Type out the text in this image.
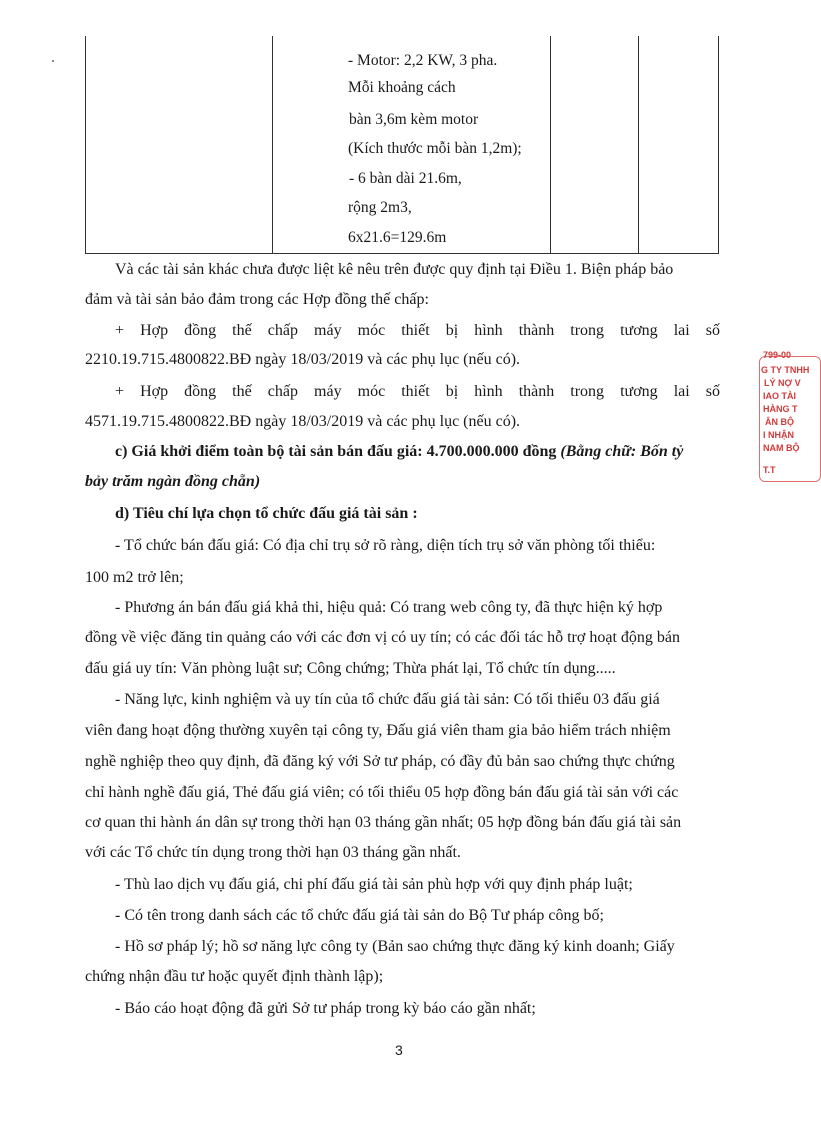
- Motor: 2,2 KW, 3 pha.
Mỗi khoảng cách
bàn 3,6m kèm motor
(Kích thước mỗi bàn 1,2m);
- 6 bàn dài 21.6m,
rộng 2m3,
6x21.6=129.6m
Và các tài sản khác chưa được liệt kê nêu trên được quy định tại Điều 1. Biện pháp bảo
đảm và tài sản bảo đảm trong các Hợp đồng thế chấp:
+ Hợp đồng thế chấp máy móc thiết bị hình thành trong tương lai số
2210.19.715.4800822.BĐ ngày 18/03/2019 và các phụ lục (nếu có).
+ Hợp đồng thế chấp máy móc thiết bị hình thành trong tương lai số
4571.19.715.4800822.BĐ ngày 18/03/2019 và các phụ lục (nếu có).
c) Giá khởi điểm toàn bộ tài sản bán đấu giá: 4.700.000.000 đồng (Bằng chữ: Bốn tỷ
bảy trăm ngàn đồng chẵn)
d) Tiêu chí lựa chọn tổ chức đấu giá tài sản :
- Tổ chức bán đấu giá: Có địa chỉ trụ sở rõ ràng, diện tích trụ sở văn phòng tối thiểu:
100 m2 trở lên;
- Phương án bán đấu giá khả thi, hiệu quả: Có trang web công ty, đã thực hiện ký hợp
đồng về việc đăng tin quảng cáo với các đơn vị có uy tín; có các đối tác hỗ trợ hoạt động bán
đấu giá uy tín: Văn phòng luật sư; Công chứng; Thừa phát lại, Tổ chức tín dụng.....
- Năng lực, kinh nghiệm và uy tín của tổ chức đấu giá tài sản: Có tối thiểu 03 đấu giá
viên đang hoạt động thường xuyên tại công ty, Đấu giá viên tham gia bảo hiểm trách nhiệm
nghề nghiệp theo quy định, đã đăng ký với Sở tư pháp, có đầy đủ bản sao chứng thực chứng
chỉ hành nghề đấu giá, Thẻ đấu giá viên; có tối thiểu 05 hợp đồng bán đấu giá tài sản với các
cơ quan thi hành án dân sự trong thời hạn 03 tháng gần nhất; 05 hợp đồng bán đấu giá tài sản
với các Tổ chức tín dụng trong thời hạn 03 tháng gần nhất.
- Thù lao dịch vụ đấu giá, chi phí đấu giá tài sản phù hợp với quy định pháp luật;
- Có tên trong danh sách các tổ chức đấu giá tài sản do Bộ Tư pháp công bố;
- Hồ sơ pháp lý; hồ sơ năng lực công ty (Bản sao chứng thực đăng ký kinh doanh; Giấy
chứng nhận đầu tư hoặc quyết định thành lập);
- Báo cáo hoạt động đã gửi Sở tư pháp trong kỳ báo cáo gần nhất;
799-00
G TY TNHH
LÝ NỢ V
IAO TÀI
HÀNG T
ÂN BỘ
I NHẬN
NAM BỘ
T.T
3
